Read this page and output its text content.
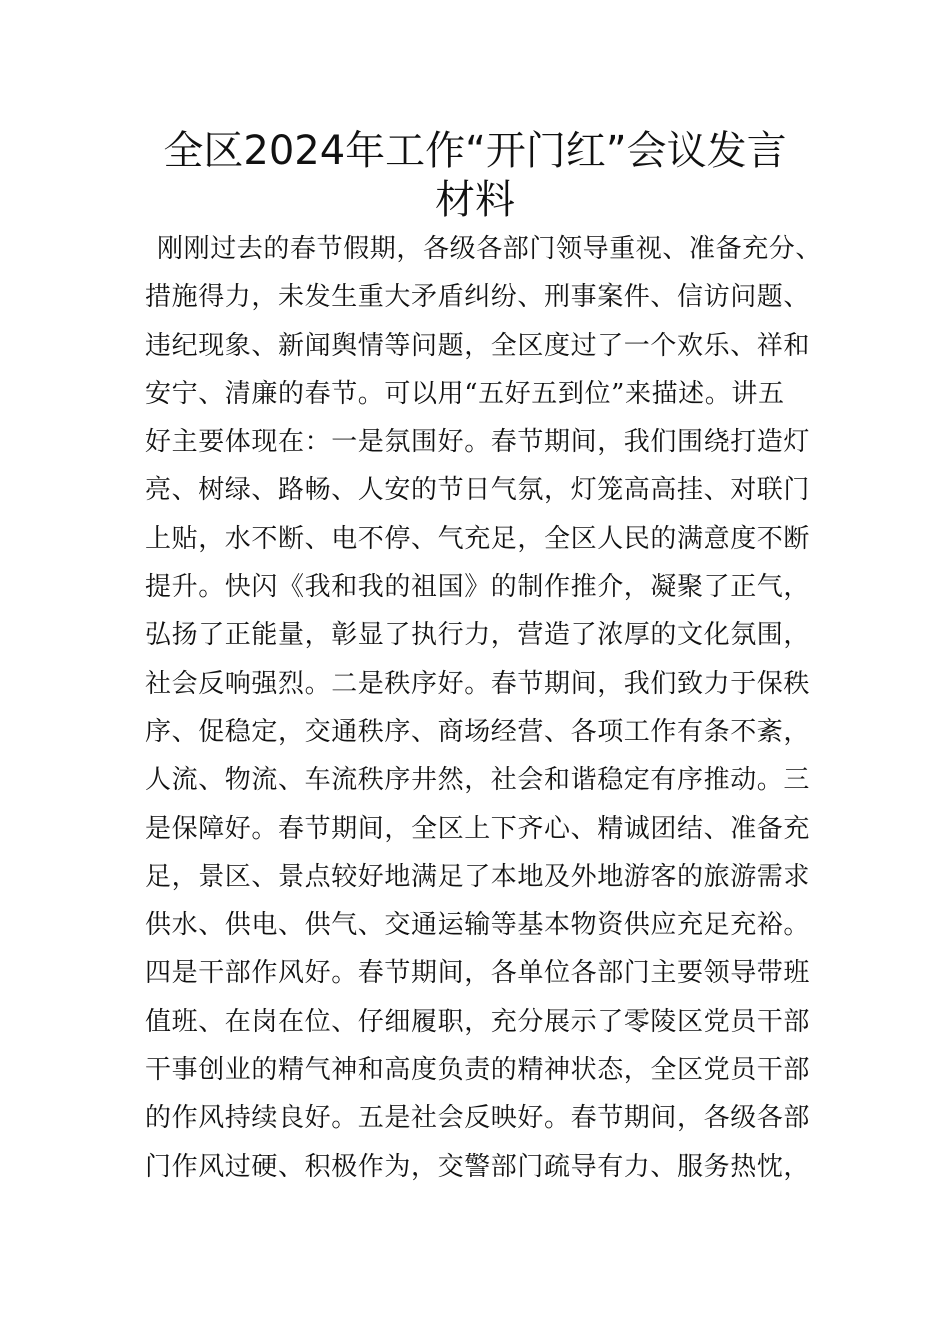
全区2024年工作“开门红”会议发言
材料
刚刚过去的春节假期，各级各部门领导重视、准备充分、
措施得力，未发生重大矛盾纠纷、刑事案件、信访问题、
违纪现象、新闻舆情等问题，全区度过了一个欢乐、祥和
安宁、清廉的春节。可以用“五好五到位”来描述。讲五
好主要体现在：一是氛围好。春节期间，我们围绕打造灯
亮、树绿、路畅、人安的节日气氛，灯笼高高挂、对联门
上贴，水不断、电不停、气充足，全区人民的满意度不断
提升。快闪《我和我的祖国》的制作推介，凝聚了正气，
弘扬了正能量，彰显了执行力，营造了浓厚的文化氛围，
社会反响强烈。二是秩序好。春节期间，我们致力于保秩
序、促稳定，交通秩序、商场经营、各项工作有条不紊，
人流、物流、车流秩序井然，社会和谐稳定有序推动。三
是保障好。春节期间，全区上下齐心、精诚团结、准备充
足，景区、景点较好地满足了本地及外地游客的旅游需求
供水、供电、供气、交通运输等基本物资供应充足充裕。
四是干部作风好。春节期间，各单位各部门主要领导带班
值班、在岗在位、仔细履职，充分展示了零陵区党员干部
干事创业的精气神和高度负责的精神状态，全区党员干部
的作风持续良好。五是社会反映好。春节期间，各级各部
门作风过硬、积极作为，交警部门疏导有力、服务热忱，
